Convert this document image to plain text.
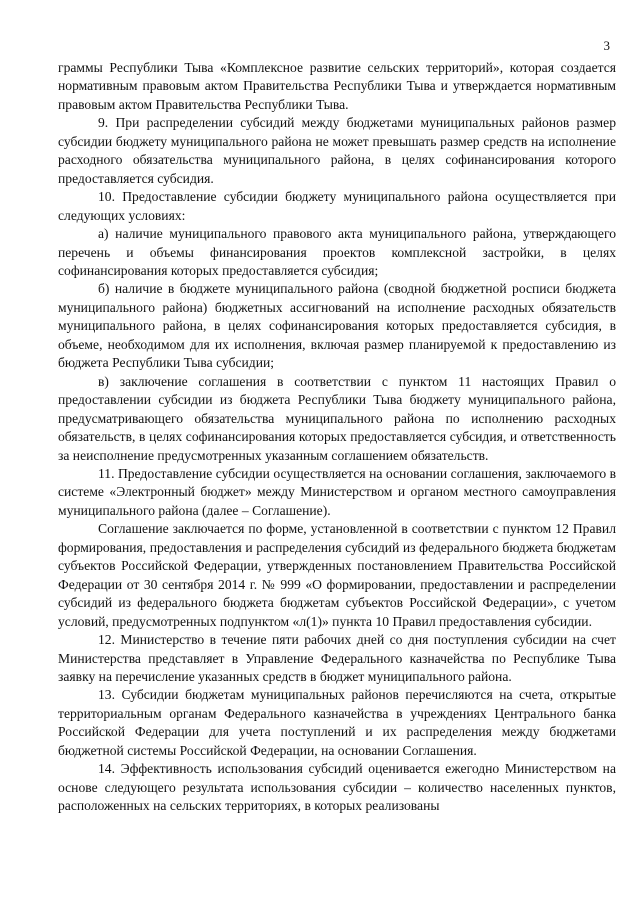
3

граммы Республики Тыва «Комплексное развитие сельских территорий», которая создается нормативным правовым актом Правительства Республики Тыва и утверждается нормативным правовым актом Правительства Республики Тыва.

9. При распределении субсидий между бюджетами муниципальных районов размер субсидии бюджету муниципального района не может превышать размер средств на исполнение расходного обязательства муниципального района, в целях софинансирования которого предоставляется субсидия.

10. Предоставление субсидии бюджету муниципального района осуществляется при следующих условиях:

а) наличие муниципального правового акта муниципального района, утверждающего перечень и объемы финансирования проектов комплексной застройки, в целях софинансирования которых предоставляется субсидия;

б) наличие в бюджете муниципального района (сводной бюджетной росписи бюджета муниципального района) бюджетных ассигнований на исполнение расходных обязательств муниципального района, в целях софинансирования которых предоставляется субсидия, в объеме, необходимом для их исполнения, включая размер планируемой к предоставлению из бюджета Республики Тыва субсидии;

в) заключение соглашения в соответствии с пунктом 11 настоящих Правил о предоставлении субсидии из бюджета Республики Тыва бюджету муниципального района, предусматривающего обязательства муниципального района по исполнению расходных обязательств, в целях софинансирования которых предоставляется субсидия, и ответственность за неисполнение предусмотренных указанным соглашением обязательств.

11. Предоставление субсидии осуществляется на основании соглашения, заключаемого в системе «Электронный бюджет» между Министерством и органом местного самоуправления муниципального района (далее – Соглашение).

Соглашение заключается по форме, установленной в соответствии с пунктом 12 Правил формирования, предоставления и распределения субсидий из федерального бюджета бюджетам субъектов Российской Федерации, утвержденных постановлением Правительства Российской Федерации от 30 сентября 2014 г. № 999 «О формировании, предоставлении и распределении субсидий из федерального бюджета бюджетам субъектов Российской Федерации», с учетом условий, предусмотренных подпунктом «л(1)» пункта 10 Правил предоставления субсидии.

12. Министерство в течение пяти рабочих дней со дня поступления субсидии на счет Министерства представляет в Управление Федерального казначейства по Республике Тыва заявку на перечисление указанных средств в бюджет муниципального района.

13. Субсидии бюджетам муниципальных районов перечисляются на счета, открытые территориальным органам Федерального казначейства в учреждениях Центрального банка Российской Федерации для учета поступлений и их распределения между бюджетами бюджетной системы Российской Федерации, на основании Соглашения.

14. Эффективность использования субсидий оценивается ежегодно Министерством на основе следующего результата использования субсидии – количество населенных пунктов, расположенных на сельских территориях, в которых реализованы
